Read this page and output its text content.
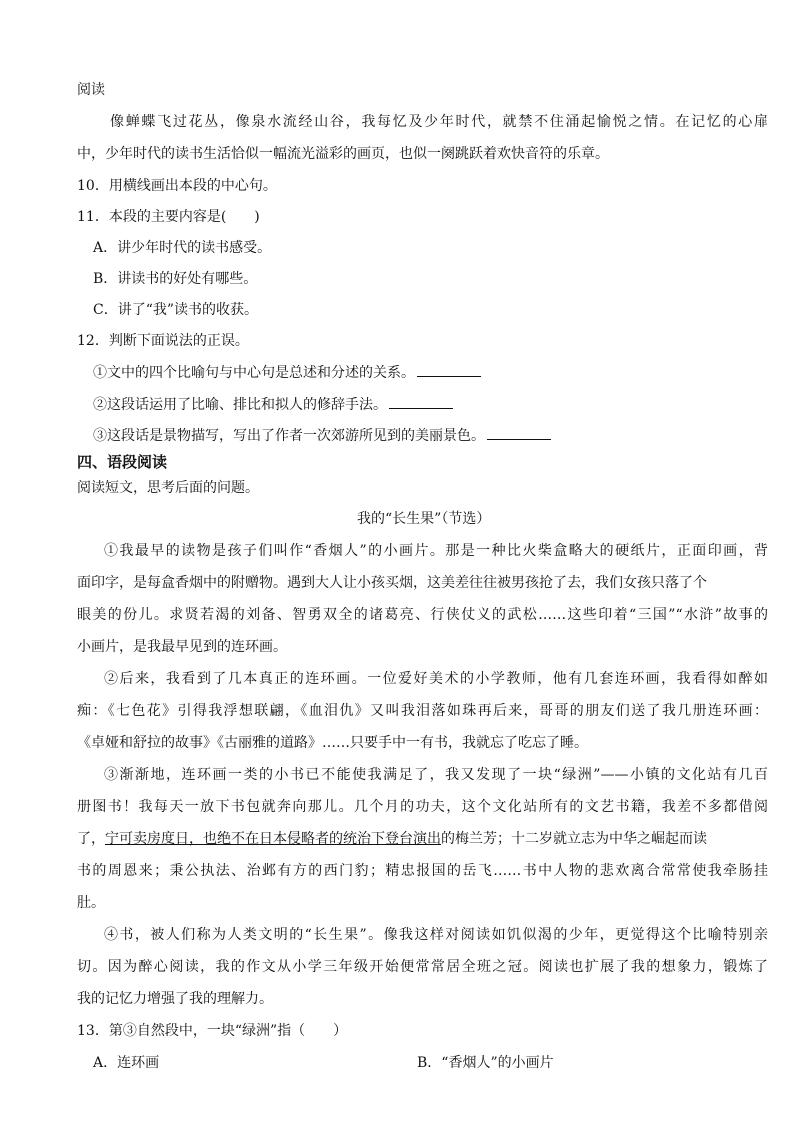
阅读
像蝉蝶飞过花丛，像泉水流经山谷，我每忆及少年时代，就禁不住涌起愉悦之情。在记忆的心扉
中，少年时代的读书生活恰似一幅流光溢彩的画页，也似一阕跳跃着欢快音符的乐章。
10．用横线画出本段的中心句。
11．本段的主要内容是(　　)
A．讲少年时代的读书感受。
B．讲读书的好处有哪些。
C．讲了“我”读书的收获。
12．判断下面说法的正误。
①文中的四个比喻句与中心句是总述和分述的关系。
②这段话运用了比喻、排比和拟人的修辞手法。
③这段话是景物描写，写出了作者一次郊游所见到的美丽景色。
四、语段阅读
阅读短文，思考后面的问题。
我的“长生果”（节选）
①我最早的读物是孩子们叫作“香烟人”的小画片。那是一种比火柴盒略大的硬纸片，正面印画，背
面印字，是每盒香烟中的附赠物。遇到大人让小孩买烟，这美差往往被男孩抢了去，我们女孩只落了个
眼美的份儿。求贤若渴的刘备、智勇双全的诸葛亮、行侠仗义的武松……这些印着“三国”“水浒”故事的
小画片，是我最早见到的连环画。
②后来，我看到了几本真正的连环画。一位爱好美术的小学教师，他有几套连环画，我看得如醉如
痴：《七色花》引得我浮想联翩，《血泪仇》又叫我泪落如珠再后来，哥哥的朋友们送了我几册连环画：
《卓娅和舒拉的故事》《古丽雅的道路》……只要手中一有书，我就忘了吃忘了睡。
③渐渐地，连环画一类的小书已不能使我满足了，我又发现了一块“绿洲”——小镇的文化站有几百
册图书！我每天一放下书包就奔向那儿。几个月的功夫，这个文化站所有的文艺书籍，我差不多都借阅
了，宁可卖房度日，也绝不在日本侵略者的统治下登台演出的梅兰芳；十二岁就立志为中华之崛起而读
书的周恩来；秉公执法、治邺有方的西门豹；精忠报国的岳飞……书中人物的悲欢离合常常使我牵肠挂
肚。
④书，被人们称为人类文明的“长生果”。像我这样对阅读如饥似渴的少年，更觉得这个比喻特别亲
切。因为醉心阅读，我的作文从小学三年级开始便常常居全班之冠。阅读也扩展了我的想象力，锻炼了
我的记忆力增强了我的理解力。
13．第③自然段中，一块“绿洲”指（　　）
A．连环画	B．“香烟人”的小画片
